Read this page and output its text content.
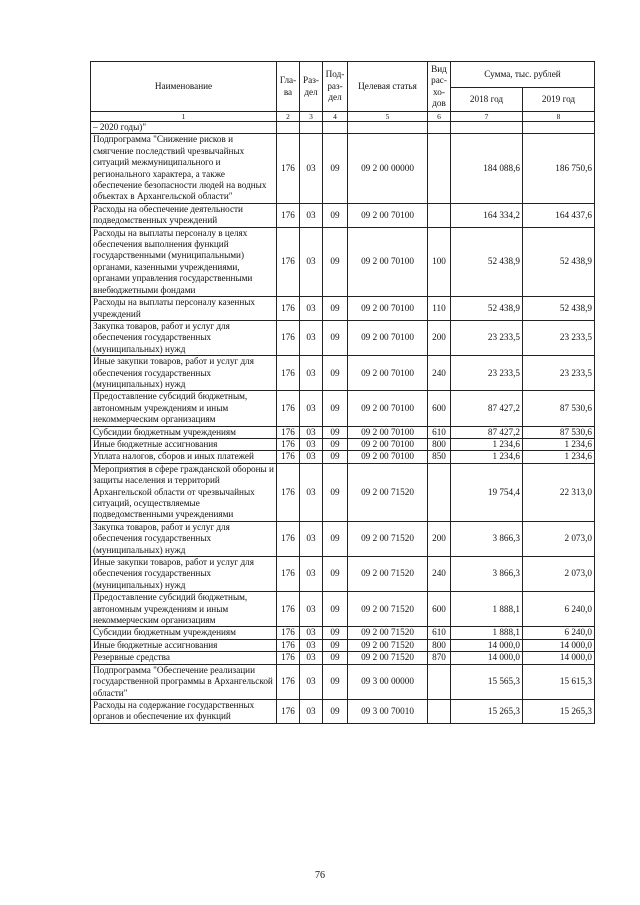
Наименование	Гла-ва	Раз-дел	Под-раз-дел	Целевая статья	Вид рас-хо-дов	Сумма, тыс. рублей	
						2018 год	2019 год
1	2	3	4	5	6	7	8
– 2020 годы)"							
Подпрограмма "Снижение рисков и смягчение последствий чрезвычайных ситуаций межмуниципального и регионального характера, а также обеспечение безопасности людей на водных объектах в Архангельской области"	176	03	09	09 2 00 00000		184 088,6	186 750,6
Расходы на обеспечение деятельности подведомственных учреждений	176	03	09	09 2 00 70100		164 334,2	164 437,6
Расходы на выплаты персоналу в целях обеспечения выполнения функций государственными (муниципальными) органами, казенными учреждениями, органами управления государственными внебюджетными фондами	176	03	09	09 2 00 70100	100	52 438,9	52 438,9
Расходы на выплаты персоналу казенных учреждений	176	03	09	09 2 00 70100	110	52 438,9	52 438,9
Закупка товаров, работ и услуг для обеспечения государственных (муниципальных) нужд	176	03	09	09 2 00 70100	200	23 233,5	23 233,5
Иные закупки товаров, работ и услуг для обеспечения государственных (муниципальных) нужд	176	03	09	09 2 00 70100	240	23 233,5	23 233,5
Предоставление субсидий бюджетным, автономным учреждениям и иным некоммерческим организациям	176	03	09	09 2 00 70100	600	87 427,2	87 530,6
Субсидии бюджетным учреждениям	176	03	09	09 2 00 70100	610	87 427,2	87 530,6
Иные бюджетные ассигнования	176	03	09	09 2 00 70100	800	1 234,6	1 234,6
Уплата налогов, сборов и иных платежей	176	03	09	09 2 00 70100	850	1 234,6	1 234,6
Мероприятия в сфере гражданской обороны и защиты населения и территорий Архангельской области от чрезвычайных ситуаций, осуществляемые подведомственными учреждениями	176	03	09	09 2 00 71520		19 754,4	22 313,0
Закупка товаров, работ и услуг для обеспечения государственных (муниципальных) нужд	176	03	09	09 2 00 71520	200	3 866,3	2 073,0
Иные закупки товаров, работ и услуг для обеспечения государственных (муниципальных) нужд	176	03	09	09 2 00 71520	240	3 866,3	2 073,0
Предоставление субсидий бюджетным, автономным учреждениям и иным некоммерческим организациям	176	03	09	09 2 00 71520	600	1 888,1	6 240,0
Субсидии бюджетным учреждениям	176	03	09	09 2 00 71520	610	1 888,1	6 240,0
Иные бюджетные ассигнования	176	03	09	09 2 00 71520	800	14 000,0	14 000,0
Резервные средства	176	03	09	09 2 00 71520	870	14 000,0	14 000,0
Подпрограмма "Обеспечение реализации государственной программы в Архангельской области"	176	03	09	09 3 00 00000		15 565,3	15 615,3
Расходы на содержание государственных органов и обеспечение их функций	176	03	09	09 3 00 70010		15 265,3	15 265,3
76
